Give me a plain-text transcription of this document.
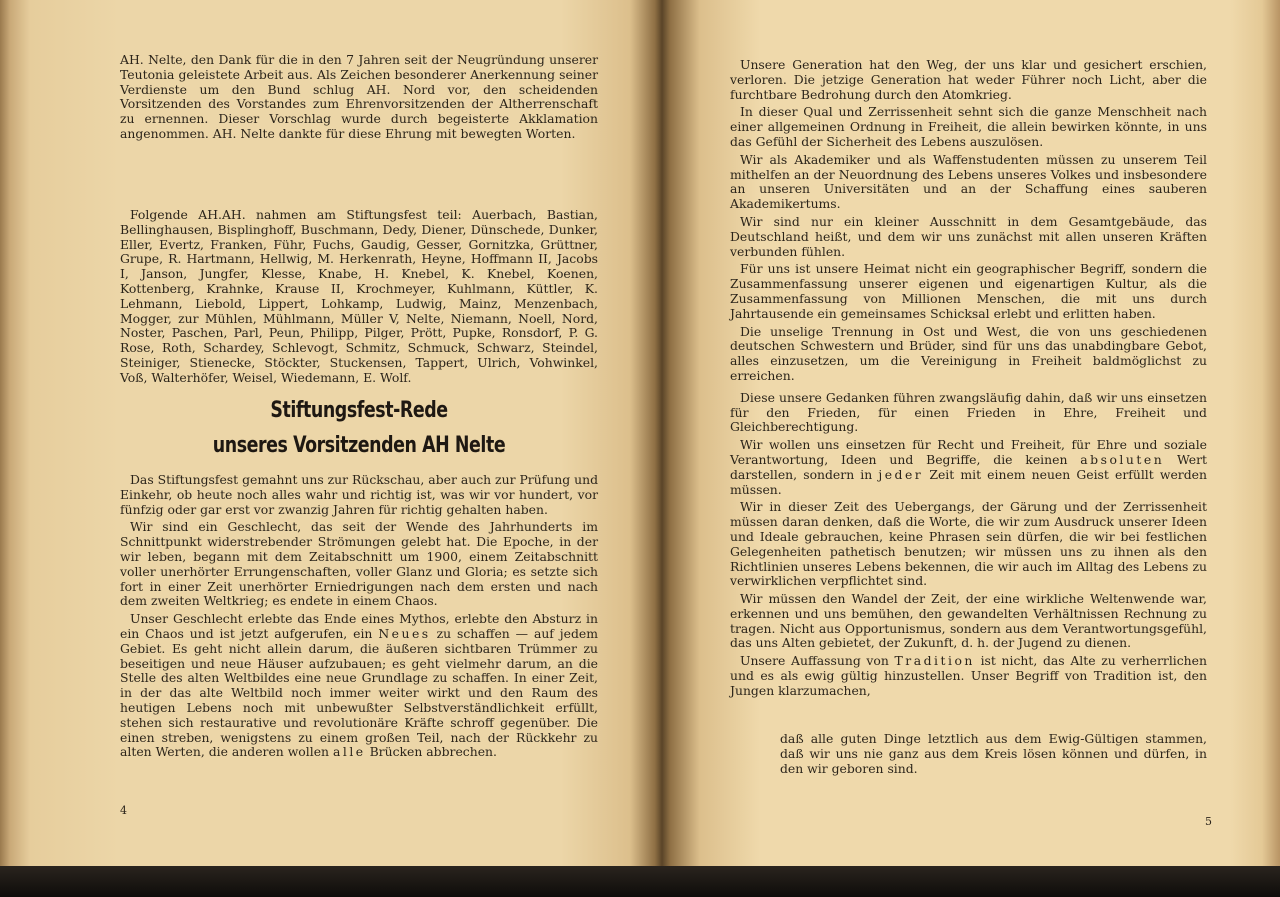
AH. Nelte, den Dank für die in den 7 Jahren seit der Neugründung unserer Teutonia geleistete Arbeit aus. Als Zeichen besonderer Anerkennung seiner Verdienste um den Bund schlug AH. Nord vor, den scheidenden Vorsitzenden des Vorstandes zum Ehrenvorsitzenden der Altherrenschaft zu ernennen. Dieser Vorschlag wurde durch begeisterte Akklamation angenommen. AH. Nelte dankte für diese Ehrung mit bewegten Worten.

Folgende AH.AH. nahmen am Stiftungsfest teil: Auerbach, Bastian, Bellinghausen, Bisplinghoff, Buschmann, Dedy, Diener, Dünschede, Dunker, Eller, Evertz, Franken, Führ, Fuchs, Gaudig, Gesser, Gornitzka, Grüttner, Grupe, R. Hartmann, Hellwig, M. Herkenrath, Heyne, Hoffmann II, Jacobs I, Janson, Jungfer, Klesse, Knabe, H. Knebel, K. Knebel, Koenen, Kottenberg, Krahnke, Krause II, Krochmeyer, Kuhlmann, Küttler, K. Lehmann, Liebold, Lippert, Lohkamp, Ludwig, Mainz, Menzenbach, Mogger, zur Mühlen, Mühlmann, Müller V, Nelte, Niemann, Noell, Nord, Noster, Paschen, Parl, Peun, Philipp, Pilger, Prött, Pupke, Ronsdorf, P. G. Rose, Roth, Schardey, Schlevogt, Schmitz, Schmuck, Schwarz, Steindel, Steiniger, Stienecke, Stöckter, Stuckensen, Tappert, Ulrich, Vohwinkel, Voß, Walterhöfer, Weisel, Wiedemann, E. Wolf.

Stiftungsfest-Rede
unseres Vorsitzenden AH Nelte

Das Stiftungsfest gemahnt uns zur Rückschau, aber auch zur Prüfung und Einkehr, ob heute noch alles wahr und richtig ist, was wir vor hundert, vor fünfzig oder gar erst vor zwanzig Jahren für richtig gehalten haben.

Wir sind ein Geschlecht, das seit der Wende des Jahrhunderts im Schnittpunkt widerstrebender Strömungen gelebt hat. Die Epoche, in der wir leben, begann mit dem Zeitabschnitt um 1900, einem Zeitabschnitt voller unerhörter Errungenschaften, voller Glanz und Gloria; es setzte sich fort in einer Zeit unerhörter Erniedrigungen nach dem ersten und nach dem zweiten Weltkrieg; es endete in einem Chaos.

Unser Geschlecht erlebte das Ende eines Mythos, erlebte den Absturz in ein Chaos und ist jetzt aufgerufen, ein Neues zu schaffen — auf jedem Gebiet. Es geht nicht allein darum, die äußeren sichtbaren Trümmer zu beseitigen und neue Häuser aufzubauen; es geht vielmehr darum, an die Stelle des alten Weltbildes eine neue Grundlage zu schaffen. In einer Zeit, in der das alte Weltbild noch immer weiter wirkt und den Raum des heutigen Lebens noch mit unbewußter Selbstverständlichkeit erfüllt, stehen sich restaurative und revolutionäre Kräfte schroff gegenüber. Die einen streben, wenigstens zu einem großen Teil, nach der Rückkehr zu alten Werten, die anderen wollen alle Brücken abbrechen.

4

Unsere Generation hat den Weg, der uns klar und gesichert erschien, verloren. Die jetzige Generation hat weder Führer noch Licht, aber die furchtbare Bedrohung durch den Atomkrieg.

In dieser Qual und Zerrissenheit sehnt sich die ganze Menschheit nach einer allgemeinen Ordnung in Freiheit, die allein bewirken könnte, in uns das Gefühl der Sicherheit des Lebens auszulösen.

Wir als Akademiker und als Waffenstudenten müssen zu unserem Teil mithelfen an der Neuordnung des Lebens unseres Volkes und insbesondere an unseren Universitäten und an der Schaffung eines sauberen Akademikertums.

Wir sind nur ein kleiner Ausschnitt in dem Gesamtgebäude, das Deutschland heißt, und dem wir uns zunächst mit allen unseren Kräften verbunden fühlen.

Für uns ist unsere Heimat nicht ein geographischer Begriff, sondern die Zusammenfassung unserer eigenen und eigenartigen Kultur, als die Zusammenfassung von Millionen Menschen, die mit uns durch Jahrtausende ein gemeinsames Schicksal erlebt und erlitten haben.

Die unselige Trennung in Ost und West, die von uns geschiedenen deutschen Schwestern und Brüder, sind für uns das unabdingbare Gebot, alles einzusetzen, um die Vereinigung in Freiheit baldmöglichst zu erreichen.

Diese unsere Gedanken führen zwangsläufig dahin, daß wir uns einsetzen für den Frieden, für einen Frieden in Ehre, Freiheit und Gleichberechtigung.

Wir wollen uns einsetzen für Recht und Freiheit, für Ehre und soziale Verantwortung, Ideen und Begriffe, die keinen absoluten Wert darstellen, sondern in jeder Zeit mit einem neuen Geist erfüllt werden müssen.

Wir in dieser Zeit des Uebergangs, der Gärung und der Zerrissenheit müssen daran denken, daß die Worte, die wir zum Ausdruck unserer Ideen und Ideale gebrauchen, keine Phrasen sein dürfen, die wir bei festlichen Gelegenheiten pathetisch benutzen; wir müssen uns zu ihnen als den Richtlinien unseres Lebens bekennen, die wir auch im Alltag des Lebens zu verwirklichen verpflichtet sind.

Wir müssen den Wandel der Zeit, der eine wirkliche Weltenwende war, erkennen und uns bemühen, den gewandelten Verhältnissen Rechnung zu tragen. Nicht aus Opportunismus, sondern aus dem Verantwortungsgefühl, das uns Alten gebietet, der Zukunft, d. h. der Jugend zu dienen.

Unsere Auffassung von Tradition ist nicht, das Alte zu verherrlichen und es als ewig gültig hinzustellen. Unser Begriff von Tradition ist, den Jungen klarzumachen,

daß alle guten Dinge letztlich aus dem Ewig-Gültigen stammen, daß wir uns nie ganz aus dem Kreis lösen können und dürfen, in den wir geboren sind.
5
